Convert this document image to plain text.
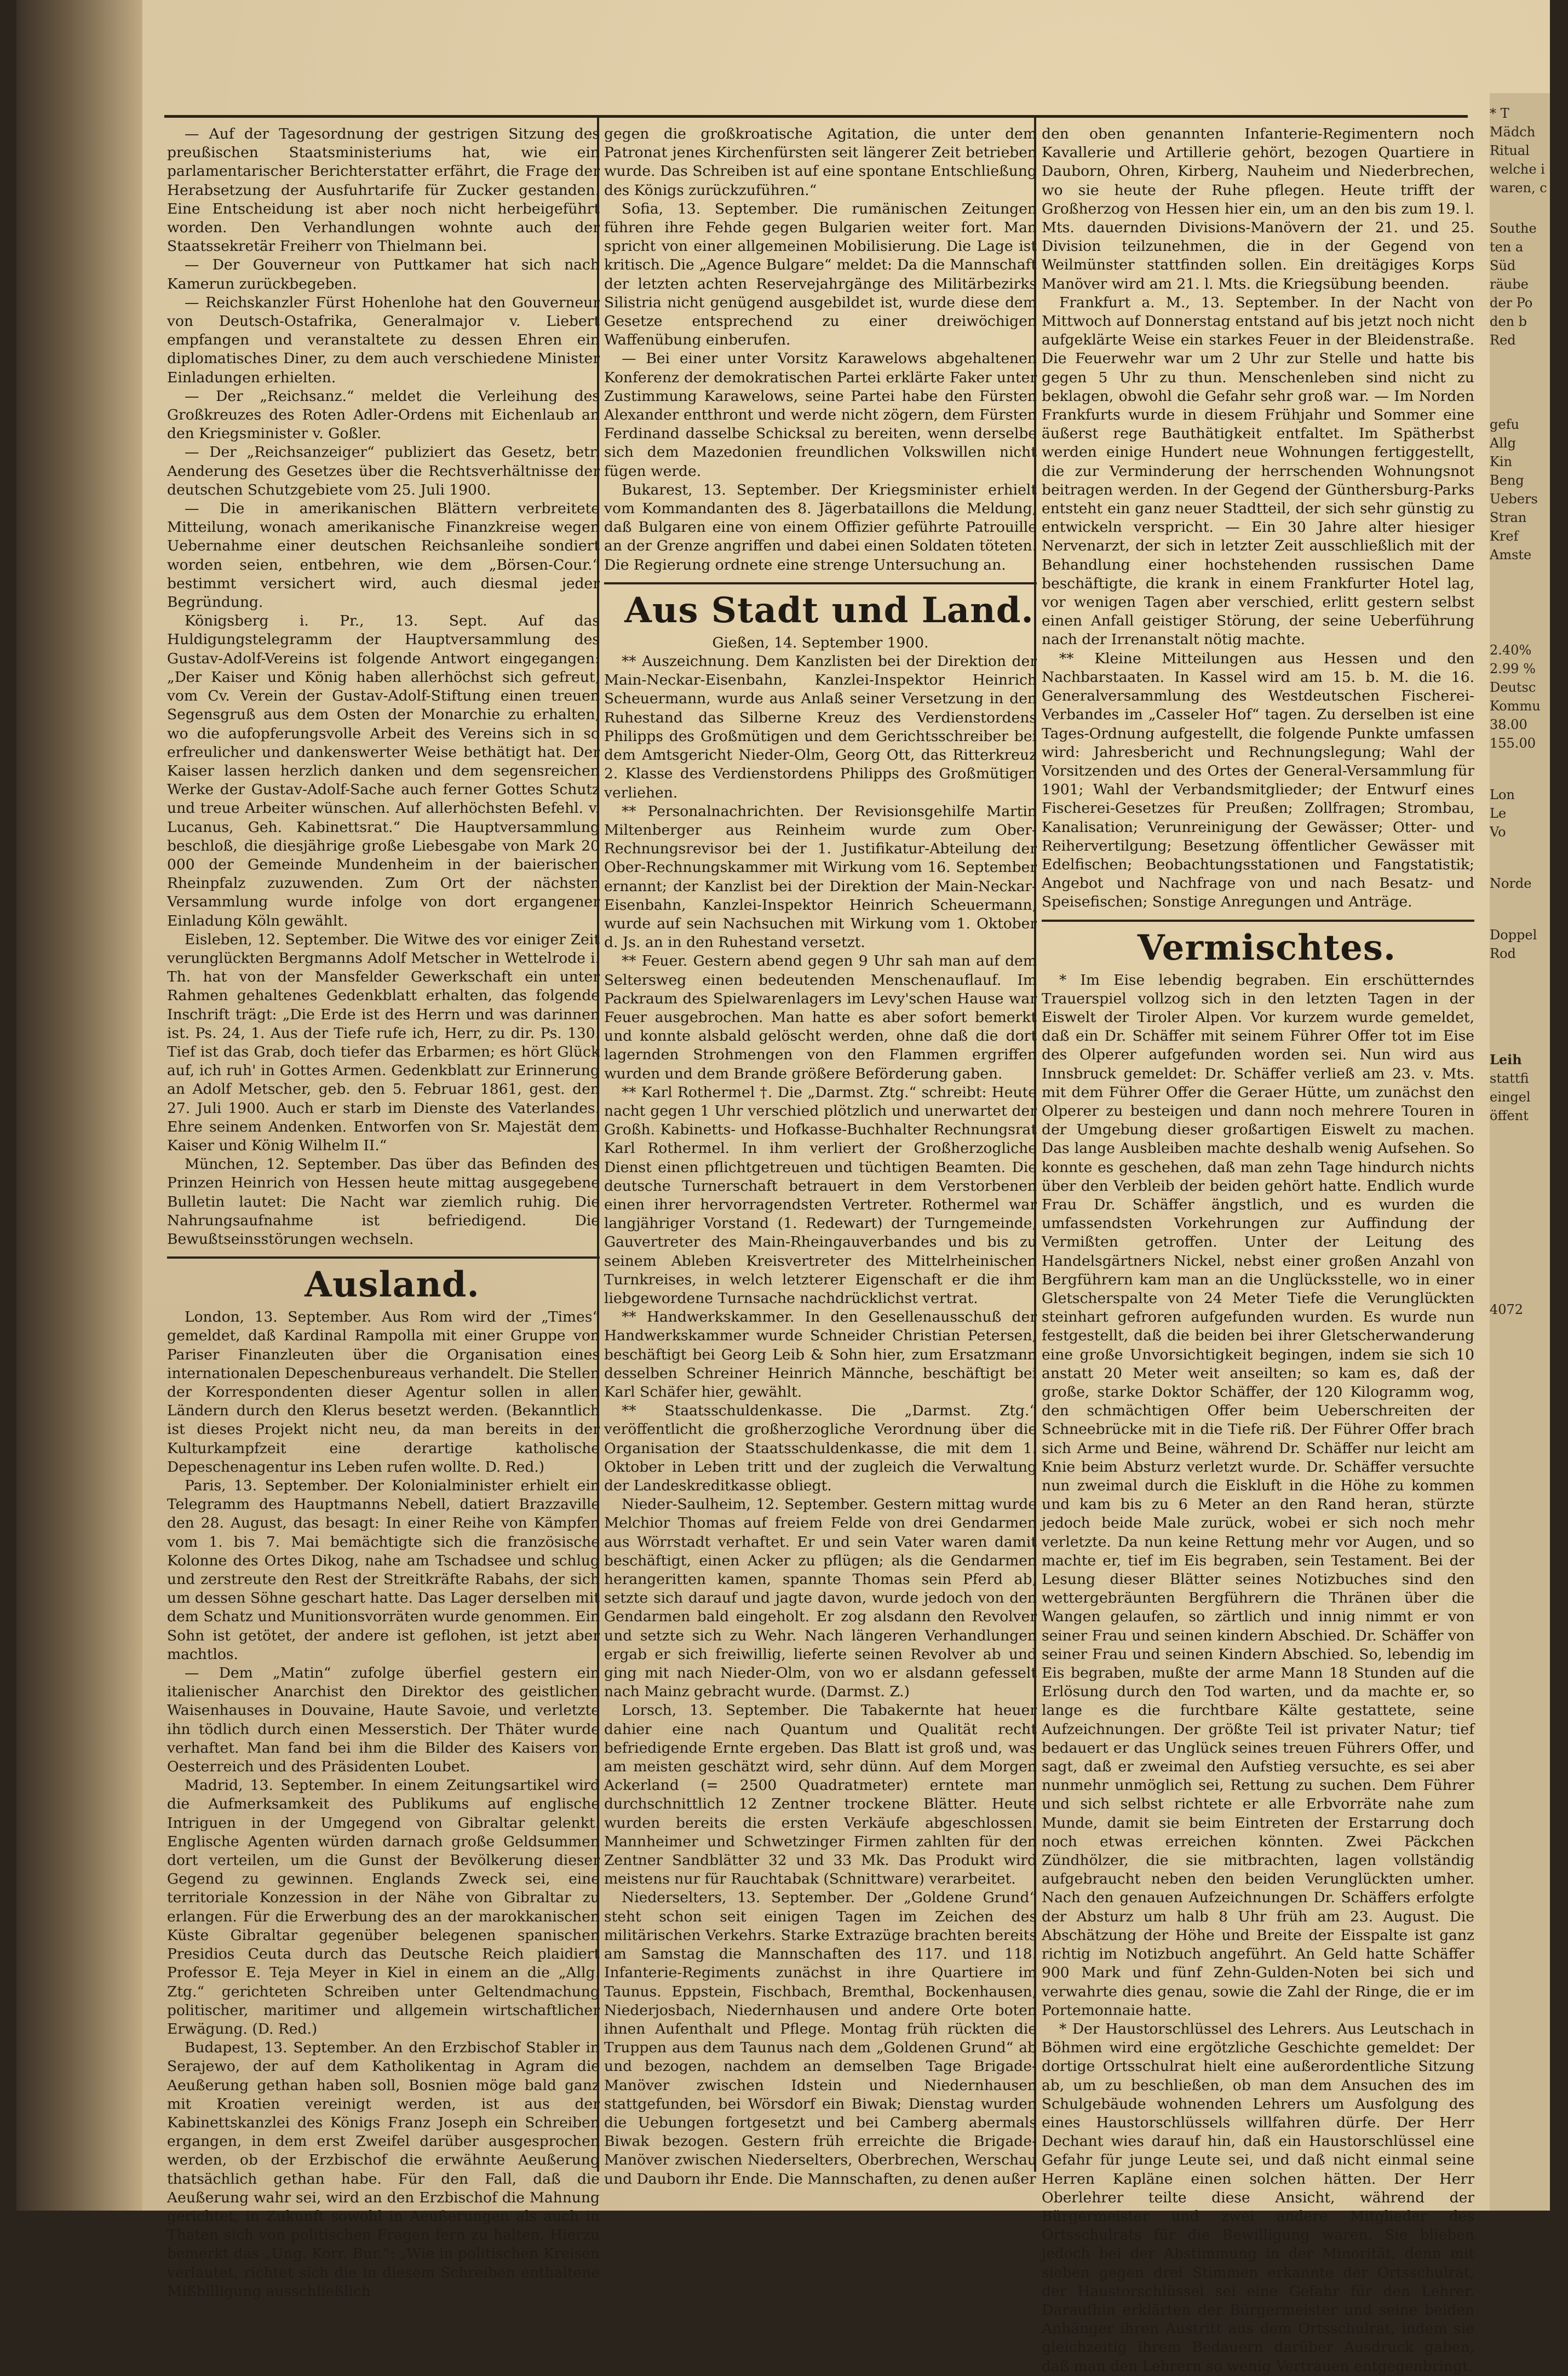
— Auf der Tagesordnung der gestrigen Sitzung des preußischen Staatsministeriums hat, wie ein parlamentarischer Berichterstatter erfährt, die Frage der Herabsetzung der Ausfuhrtarife für Zucker gestanden. Eine Entscheidung ist aber noch nicht herbeigeführt worden. Den Verhandlungen wohnte auch der Staatssekretär Freiherr von Thielmann bei.

— Der Gouverneur von Puttkamer hat sich nach Kamerun zurückbegeben.

— Reichskanzler Fürst Hohenlohe hat den Gouverneur von Deutsch-Ostafrika, Generalmajor v. Liebert empfangen und veranstaltete zu dessen Ehren ein diplomatisches Diner, zu dem auch verschiedene Minister Einladungen erhielten.

— Der „Reichsanz.“ meldet die Verleihung des Großkreuzes des Roten Adler-Ordens mit Eichenlaub an den Kriegsminister v. Goßler.

— Der „Reichsanzeiger“ publiziert das Gesetz, betr. Aenderung des Gesetzes über die Rechtsverhältnisse der deutschen Schutzgebiete vom 25. Juli 1900.

— Die in amerikanischen Blättern verbreitete Mitteilung, wonach amerikanische Finanzkreise wegen Uebernahme einer deutschen Reichsanleihe sondiert worden seien, entbehren, wie dem „Börsen-Cour.“ bestimmt versichert wird, auch diesmal jeder Begründung.

Königsberg i. Pr., 13. Sept. Auf das Huldigungstelegramm der Hauptversammlung des Gustav-Adolf-Vereins ist folgende Antwort eingegangen: „Der Kaiser und König haben allerhöchst sich gefreut, vom Cv. Verein der Gustav-Adolf-Stiftung einen treuen Segensgruß aus dem Osten der Monarchie zu erhalten, wo die aufopferungsvolle Arbeit des Vereins sich in so erfreulicher und dankenswerter Weise bethätigt hat. Der Kaiser lassen herzlich danken und dem segensreichen Werke der Gustav-Adolf-Sache auch ferner Gottes Schutz und treue Arbeiter wünschen. Auf allerhöchsten Befehl. v. Lucanus, Geh. Kabinettsrat.“ Die Hauptversammlung beschloß, die diesjährige große Liebesgabe von Mark 20 000 der Gemeinde Mundenheim in der baierischen Rheinpfalz zuzuwenden. Zum Ort der nächsten Versammlung wurde infolge von dort ergangener Einladung Köln gewählt.

Eisleben, 12. September. Die Witwe des vor einiger Zeit verunglückten Bergmanns Adolf Metscher in Wettelrode i. Th. hat von der Mansfelder Gewerkschaft ein unter Rahmen gehaltenes Gedenkblatt erhalten, das folgende Inschrift trägt: „Die Erde ist des Herrn und was darinnen ist. Ps. 24, 1. Aus der Tiefe rufe ich, Herr, zu dir. Ps. 130. Tief ist das Grab, doch tiefer das Erbarmen; es hört Glück auf, ich ruh' in Gottes Armen. Gedenkblatt zur Erinnerung an Adolf Metscher, geb. den 5. Februar 1861, gest. den 27. Juli 1900. Auch er starb im Dienste des Vaterlandes. Ehre seinem Andenken. Entworfen von Sr. Majestät dem Kaiser und König Wilhelm II.“

München, 12. September. Das über das Befinden des Prinzen Heinrich von Hessen heute mittag ausgegebene Bulletin lautet: Die Nacht war ziemlich ruhig. Die Nahrungsaufnahme ist befriedigend. Die Bewußtseinsstörungen wechseln.

Ausland.

London, 13. September. Aus Rom wird der „Times“ gemeldet, daß Kardinal Rampolla mit einer Gruppe von Pariser Finanzleuten über die Organisation eines internationalen Depeschenbureaus verhandelt. Die Stellen der Korrespondenten dieser Agentur sollen in allen Ländern durch den Klerus besetzt werden. (Bekanntlich ist dieses Projekt nicht neu, da man bereits in der Kulturkampfzeit eine derartige katholische Depeschenagentur ins Leben rufen wollte. D. Red.)

Paris, 13. September. Der Kolonialminister erhielt ein Telegramm des Hauptmanns Nebell, datiert Brazzaville den 28. August, das besagt: In einer Reihe von Kämpfen vom 1. bis 7. Mai bemächtigte sich die französische Kolonne des Ortes Dikog, nahe am Tschadsee und schlug und zerstreute den Rest der Streitkräfte Rabahs, der sich um dessen Söhne geschart hatte. Das Lager derselben mit dem Schatz und Munitionsvorräten wurde genommen. Ein Sohn ist getötet, der andere ist geflohen, ist jetzt aber machtlos.

— Dem „Matin“ zufolge überfiel gestern ein italienischer Anarchist den Direktor des geistlichen Waisenhauses in Douvaine, Haute Savoie, und verletzte ihn tödlich durch einen Messerstich. Der Thäter wurde verhaftet. Man fand bei ihm die Bilder des Kaisers von Oesterreich und des Präsidenten Loubet.

Madrid, 13. September. In einem Zeitungsartikel wird die Aufmerksamkeit des Publikums auf englische Intriguen in der Umgegend von Gibraltar gelenkt. Englische Agenten würden darnach große Geldsummen dort verteilen, um die Gunst der Bevölkerung dieser Gegend zu gewinnen. Englands Zweck sei, eine territoriale Konzession in der Nähe von Gibraltar zu erlangen. Für die Erwerbung des an der marokkanischen Küste Gibraltar gegenüber belegenen spanischen Presidios Ceuta durch das Deutsche Reich plaidiert Professor E. Teja Meyer in Kiel in einem an die „Allg. Ztg.“ gerichteten Schreiben unter Geltendmachung politischer, maritimer und allgemein wirtschaftlicher Erwägung. (D. Red.)

Budapest, 13. September. An den Erzbischof Stabler in Serajewo, der auf dem Katholikentag in Agram die Aeußerung gethan haben soll, Bosnien möge bald ganz mit Kroatien vereinigt werden, ist aus der Kabinettskanzlei des Königs Franz Joseph ein Schreiben ergangen, in dem erst Zweifel darüber ausgesprochen werden, ob der Erzbischof die erwähnte Aeußerung thatsächlich gethan habe. Für den Fall, daß die Aeußerung wahr sei, wird an den Erzbischof die Mahnung gerichtet, in Zukunft sowohl in Aeußerungen als auch in Thaten sich von politischen Fragen fern zu halten. Hierzu bemerkt das „Ung. Korr. Bur.“: „Wie in politischen Kreisen verlautet, richtet sich die in diesem Schreiben enthaltene Mißbilligung ausschließlich

gegen die großkroatische Agitation, die unter dem Patronat jenes Kirchenfürsten seit längerer Zeit betrieben wurde. Das Schreiben ist auf eine spontane Entschließung des Königs zurückzuführen.“

Sofia, 13. September. Die rumänischen Zeitungen führen ihre Fehde gegen Bulgarien weiter fort. Man spricht von einer allgemeinen Mobilisierung. Die Lage ist kritisch. Die „Agence Bulgare“ meldet: Da die Mannschaft der letzten achten Reservejahrgänge des Militärbezirks Silistria nicht genügend ausgebildet ist, wurde diese dem Gesetze entsprechend zu einer dreiwöchigen Waffenübung einberufen.

— Bei einer unter Vorsitz Karawelows abgehaltenen Konferenz der demokratischen Partei erklärte Faker unter Zustimmung Karawelows, seine Partei habe den Fürsten Alexander entthront und werde nicht zögern, dem Fürsten Ferdinand dasselbe Schicksal zu bereiten, wenn derselbe sich dem Mazedonien freundlichen Volkswillen nicht fügen werde.

Bukarest, 13. September. Der Kriegsminister erhielt vom Kommandanten des 8. Jägerbataillons die Meldung, daß Bulgaren eine von einem Offizier geführte Patrouille an der Grenze angriffen und dabei einen Soldaten töteten. Die Regierung ordnete eine strenge Untersuchung an.

Aus Stadt und Land.

Gießen, 14. September 1900.

** Auszeichnung. Dem Kanzlisten bei der Direktion der Main-Neckar-Eisenbahn, Kanzlei-Inspektor Heinrich Scheuermann, wurde aus Anlaß seiner Versetzung in den Ruhestand das Silberne Kreuz des Verdienstordens Philipps des Großmütigen und dem Gerichtsschreiber bei dem Amtsgericht Nieder-Olm, Georg Ott, das Ritterkreuz 2. Klasse des Verdienstordens Philipps des Großmütigen verliehen.

** Personalnachrichten. Der Revisionsgehilfe Martin Miltenberger aus Reinheim wurde zum Ober-Rechnungsrevisor bei der 1. Justifikatur-Abteilung der Ober-Rechnungskammer mit Wirkung vom 16. September ernannt; der Kanzlist bei der Direktion der Main-Neckar-Eisenbahn, Kanzlei-Inspektor Heinrich Scheuermann, wurde auf sein Nachsuchen mit Wirkung vom 1. Oktober d. Js. an in den Ruhestand versetzt.

** Feuer. Gestern abend gegen 9 Uhr sah man auf dem Seltersweg einen bedeutenden Menschenauflauf. Im Packraum des Spielwarenlagers im Levy'schen Hause war Feuer ausgebrochen. Man hatte es aber sofort bemerkt und konnte alsbald gelöscht werden, ohne daß die dort lagernden Strohmengen von den Flammen ergriffen wurden und dem Brande größere Beförderung gaben.

** Karl Rothermel †. Die „Darmst. Ztg.“ schreibt: Heute nacht gegen 1 Uhr verschied plötzlich und unerwartet der Großh. Kabinetts- und Hofkasse-Buchhalter Rechnungsrat Karl Rothermel. In ihm verliert der Großherzogliche Dienst einen pflichtgetreuen und tüchtigen Beamten. Die deutsche Turnerschaft betrauert in dem Verstorbenen einen ihrer hervorragendsten Vertreter. Rothermel war langjähriger Vorstand (1. Redewart) der Turngemeinde, Gauvertreter des Main-Rheingauverbandes und bis zu seinem Ableben Kreisvertreter des Mittelrheinischen Turnkreises, in welch letzterer Eigenschaft er die ihm liebgewordene Turnsache nachdrücklichst vertrat.

** Handwerkskammer. In den Gesellenausschuß der Handwerkskammer wurde Schneider Christian Petersen, beschäftigt bei Georg Leib & Sohn hier, zum Ersatzmann desselben Schreiner Heinrich Männche, beschäftigt bei Karl Schäfer hier, gewählt.

** Staatsschuldenkasse. Die „Darmst. Ztg.“ veröffentlicht die großherzogliche Verordnung über die Organisation der Staatsschuldenkasse, die mit dem 1. Oktober in Leben tritt und der zugleich die Verwaltung der Landeskreditkasse obliegt.

Nieder-Saulheim, 12. September. Gestern mittag wurde Melchior Thomas auf freiem Felde von drei Gendarmen aus Wörrstadt verhaftet. Er und sein Vater waren damit beschäftigt, einen Acker zu pflügen; als die Gendarmen herangeritten kamen, spannte Thomas sein Pferd ab, setzte sich darauf und jagte davon, wurde jedoch von den Gendarmen bald eingeholt. Er zog alsdann den Revolver und setzte sich zu Wehr. Nach längeren Verhandlungen ergab er sich freiwillig, lieferte seinen Revolver ab und ging mit nach Nieder-Olm, von wo er alsdann gefesselt nach Mainz gebracht wurde. (Darmst. Z.)

Lorsch, 13. September. Die Tabakernte hat heuer dahier eine nach Quantum und Qualität recht befriedigende Ernte ergeben. Das Blatt ist groß und, was am meisten geschätzt wird, sehr dünn. Auf dem Morgen Ackerland (= 2500 Quadratmeter) erntete man durchschnittlich 12 Zentner trockene Blätter. Heute wurden bereits die ersten Verkäufe abgeschlossen. Mannheimer und Schwetzinger Firmen zahlten für den Zentner Sandblätter 32 und 33 Mk. Das Produkt wird meistens nur für Rauchtabak (Schnittware) verarbeitet.

Niederselters, 13. September. Der „Goldene Grund“ steht schon seit einigen Tagen im Zeichen des militärischen Verkehrs. Starke Extrazüge brachten bereits am Samstag die Mannschaften des 117. und 118. Infanterie-Regiments zunächst in ihre Quartiere im Taunus. Eppstein, Fischbach, Bremthal, Bockenhausen, Niederjosbach, Niedernhausen und andere Orte boten ihnen Aufenthalt und Pflege. Montag früh rückten die Truppen aus dem Taunus nach dem „Goldenen Grund“ ab und bezogen, nachdem an demselben Tage Brigade-Manöver zwischen Idstein und Niedernhausen stattgefunden, bei Wörsdorf ein Biwak; Dienstag wurden die Uebungen fortgesetzt und bei Camberg abermals Biwak bezogen. Gestern früh erreichte die Brigade-Manöver zwischen Niederselters, Oberbrechen, Werschau und Dauborn ihr Ende. Die Mannschaften, zu denen außer

den oben genannten Infanterie-Regimentern noch Kavallerie und Artillerie gehört, bezogen Quartiere in Dauborn, Ohren, Kirberg, Nauheim und Niederbrechen, wo sie heute der Ruhe pflegen. Heute trifft der Großherzog von Hessen hier ein, um an den bis zum 19. l. Mts. dauernden Divisions-Manövern der 21. und 25. Division teilzunehmen, die in der Gegend von Weilmünster stattfinden sollen. Ein dreitägiges Korps Manöver wird am 21. l. Mts. die Kriegsübung beenden.

Frankfurt a. M., 13. September. In der Nacht von Mittwoch auf Donnerstag entstand auf bis jetzt noch nicht aufgeklärte Weise ein starkes Feuer in der Bleidenstraße. Die Feuerwehr war um 2 Uhr zur Stelle und hatte bis gegen 5 Uhr zu thun. Menschenleben sind nicht zu beklagen, obwohl die Gefahr sehr groß war. — Im Norden Frankfurts wurde in diesem Frühjahr und Sommer eine äußerst rege Bauthätigkeit entfaltet. Im Spätherbst werden einige Hundert neue Wohnungen fertiggestellt, die zur Verminderung der herrschenden Wohnungsnot beitragen werden. In der Gegend der Günthersburg-Parks entsteht ein ganz neuer Stadtteil, der sich sehr günstig zu entwickeln verspricht. — Ein 30 Jahre alter hiesiger Nervenarzt, der sich in letzter Zeit ausschließlich mit der Behandlung einer hochstehenden russischen Dame beschäftigte, die krank in einem Frankfurter Hotel lag, vor wenigen Tagen aber verschied, erlitt gestern selbst einen Anfall geistiger Störung, der seine Ueberführung nach der Irrenanstalt nötig machte.

** Kleine Mitteilungen aus Hessen und den Nachbarstaaten. In Kassel wird am 15. b. M. die 16. Generalversammlung des Westdeutschen Fischerei-Verbandes im „Casseler Hof“ tagen. Zu derselben ist eine Tages-Ordnung aufgestellt, die folgende Punkte umfassen wird: Jahresbericht und Rechnungslegung; Wahl der Vorsitzenden und des Ortes der General-Versammlung für 1901; Wahl der Verbandsmitglieder; der Entwurf eines Fischerei-Gesetzes für Preußen; Zollfragen; Strombau, Kanalisation; Verunreinigung der Gewässer; Otter- und Reihervertilgung; Besetzung öffentlicher Gewässer mit Edelfischen; Beobachtungsstationen und Fangstatistik; Angebot und Nachfrage von und nach Besatz- und Speisefischen; Sonstige Anregungen und Anträge.

Vermischtes.

* Im Eise lebendig begraben. Ein erschütterndes Trauerspiel vollzog sich in den letzten Tagen in der Eiswelt der Tiroler Alpen. Vor kurzem wurde gemeldet, daß ein Dr. Schäffer mit seinem Führer Offer tot im Eise des Olperer aufgefunden worden sei. Nun wird aus Innsbruck gemeldet: Dr. Schäffer verließ am 23. v. Mts. mit dem Führer Offer die Geraer Hütte, um zunächst den Olperer zu besteigen und dann noch mehrere Touren in der Umgebung dieser großartigen Eiswelt zu machen. Das lange Ausbleiben machte deshalb wenig Aufsehen. So konnte es geschehen, daß man zehn Tage hindurch nichts über den Verbleib der beiden gehört hatte. Endlich wurde Frau Dr. Schäffer ängstlich, und es wurden die umfassendsten Vorkehrungen zur Auffindung der Vermißten getroffen. Unter der Leitung des Handelsgärtners Nickel, nebst einer großen Anzahl von Bergführern kam man an die Unglücksstelle, wo in einer Gletscherspalte von 24 Meter Tiefe die Verunglückten steinhart gefroren aufgefunden wurden. Es wurde nun festgestellt, daß die beiden bei ihrer Gletscherwanderung eine große Unvorsichtigkeit begingen, indem sie sich 10 anstatt 20 Meter weit anseilten; so kam es, daß der große, starke Doktor Schäffer, der 120 Kilogramm wog, den schmächtigen Offer beim Ueberschreiten der Schneebrücke mit in die Tiefe riß. Der Führer Offer brach sich Arme und Beine, während Dr. Schäffer nur leicht am Knie beim Absturz verletzt wurde. Dr. Schäffer versuchte nun zweimal durch die Eiskluft in die Höhe zu kommen und kam bis zu 6 Meter an den Rand heran, stürzte jedoch beide Male zurück, wobei er sich noch mehr verletzte. Da nun keine Rettung mehr vor Augen, und so machte er, tief im Eis begraben, sein Testament. Bei der Lesung dieser Blätter seines Notizbuches sind den wettergebräunten Bergführern die Thränen über die Wangen gelaufen, so zärtlich und innig nimmt er von seiner Frau und seinen kindern Abschied. Dr. Schäffer von seiner Frau und seinen Kindern Abschied. So, lebendig im Eis begraben, mußte der arme Mann 18 Stunden auf die Erlösung durch den Tod warten, und da machte er, so lange es die furchtbare Kälte gestattete, seine Aufzeichnungen. Der größte Teil ist privater Natur; tief bedauert er das Unglück seines treuen Führers Offer, und sagt, daß er zweimal den Aufstieg versuchte, es sei aber nunmehr unmöglich sei, Rettung zu suchen. Dem Führer und sich selbst richtete er alle Erbvorräte nahe zum Munde, damit sie beim Eintreten der Erstarrung doch noch etwas erreichen könnten. Zwei Päckchen Zündhölzer, die sie mitbrachten, lagen vollständig aufgebraucht neben den beiden Verunglückten umher. Nach den genauen Aufzeichnungen Dr. Schäffers erfolgte der Absturz um halb 8 Uhr früh am 23. August. Die Abschätzung der Höhe und Breite der Eisspalte ist ganz richtig im Notizbuch angeführt. An Geld hatte Schäffer 900 Mark und fünf Zehn-Gulden-Noten bei sich und verwahrte dies genau, sowie die Zahl der Ringe, die er im Portemonnaie hatte.

* Der Haustorschlüssel des Lehrers. Aus Leutschach in Böhmen wird eine ergötzliche Geschichte gemeldet: Der dortige Ortsschulrat hielt eine außerordentliche Sitzung ab, um zu beschließen, ob man dem Ansuchen des im Schulgebäude wohnenden Lehrers um Ausfolgung des eines Haustorschlüssels willfahren dürfe. Der Herr Dechant wies darauf hin, daß ein Haustorschlüssel eine Gefahr für junge Leute sei, und daß nicht einmal seine Herren Kapläne einen solchen hätten. Der Herr Oberlehrer teilte diese Ansicht, während der Bürgermeister und zwei andere Mitglieder des Ortsschulrats für die Bewilligung waren. Sie blieben jedoch bei der Abstimmung in der Minorität, denn mit sieben gegen drei Stimmen erkannte der Ortsschulrat, der Haustorschlüssel sei eine Gefahr für den Lehrer. Daraufhin erklärten der Bürgermeister und seine beiden Anhänger ihren Austritt aus dem Ortsschulrat, indem sie gleichzeitig ihrem Bedauern darüber Ausdruck gaben, daß man den Lehrern so wenig Vertrauen entgegenbringt.

* T
Mädch
Ritual
welche i
waren, c
Southe
ten a
Süd
räube
der Po
den b
Red
gefu
Allg
Kin
Beng
Uebers
Stran
Kref
Amste
2.40%
2.99 %
Deutsc
Kommu
38.00
155.00
Lon
Le
Vo
Norde
Doppel
Rod
Leih
stattfi
eingel
öffent
4072
